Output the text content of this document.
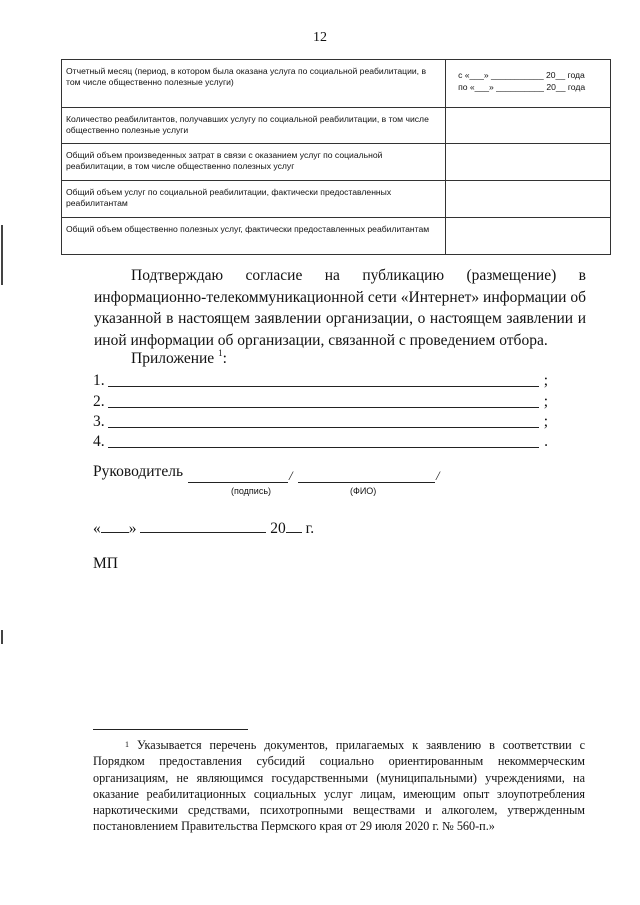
12
Отчетный месяц (период, в котором была оказана услуга по социальной реабилитации, в том числе общественно полезные услуги)	с «___» ___________ 20__ года
по «___» __________ 20__ года

Количество реабилитантов, получавших услугу по социальной реабилитации, в том числе общественно полезные услуги	
Общий объем произведенных затрат в связи с оказанием услуг по социальной реабилитации, в том числе общественно полезных услуг	
Общий объем услуг по социальной реабилитации, фактически предоставленных реабилитантам	
Общий объем общественно полезных услуг, фактически предоставленных реабилитантам	

Подтверждаю согласие на публикацию (размещение) в информационно-телекоммуникационной сети «Интернет» информации об указанной в настоящем заявлении организации, о настоящем заявлении и иной информации об организации, связанной с проведением отбора.

Приложение $^1$:
1.	;
2.	;
3.	;
4.	.
Руководитель	/	/
(подпись)	(ФИО)
« »	20 г.
МП

$^1$ Указывается перечень документов, прилагаемых к заявлению в соответствии с Порядком предоставления субсидий социально ориентированным некоммерческим организациям, не являющимся государственными (муниципальными) учреждениями, на оказание реабилитационных социальных услуг лицам, имеющим опыт злоупотребления наркотическими средствами, психотропными веществами и алкоголем, утвержденным постановлением Правительства Пермского края от 29 июля 2020 г. № 560-п.»
